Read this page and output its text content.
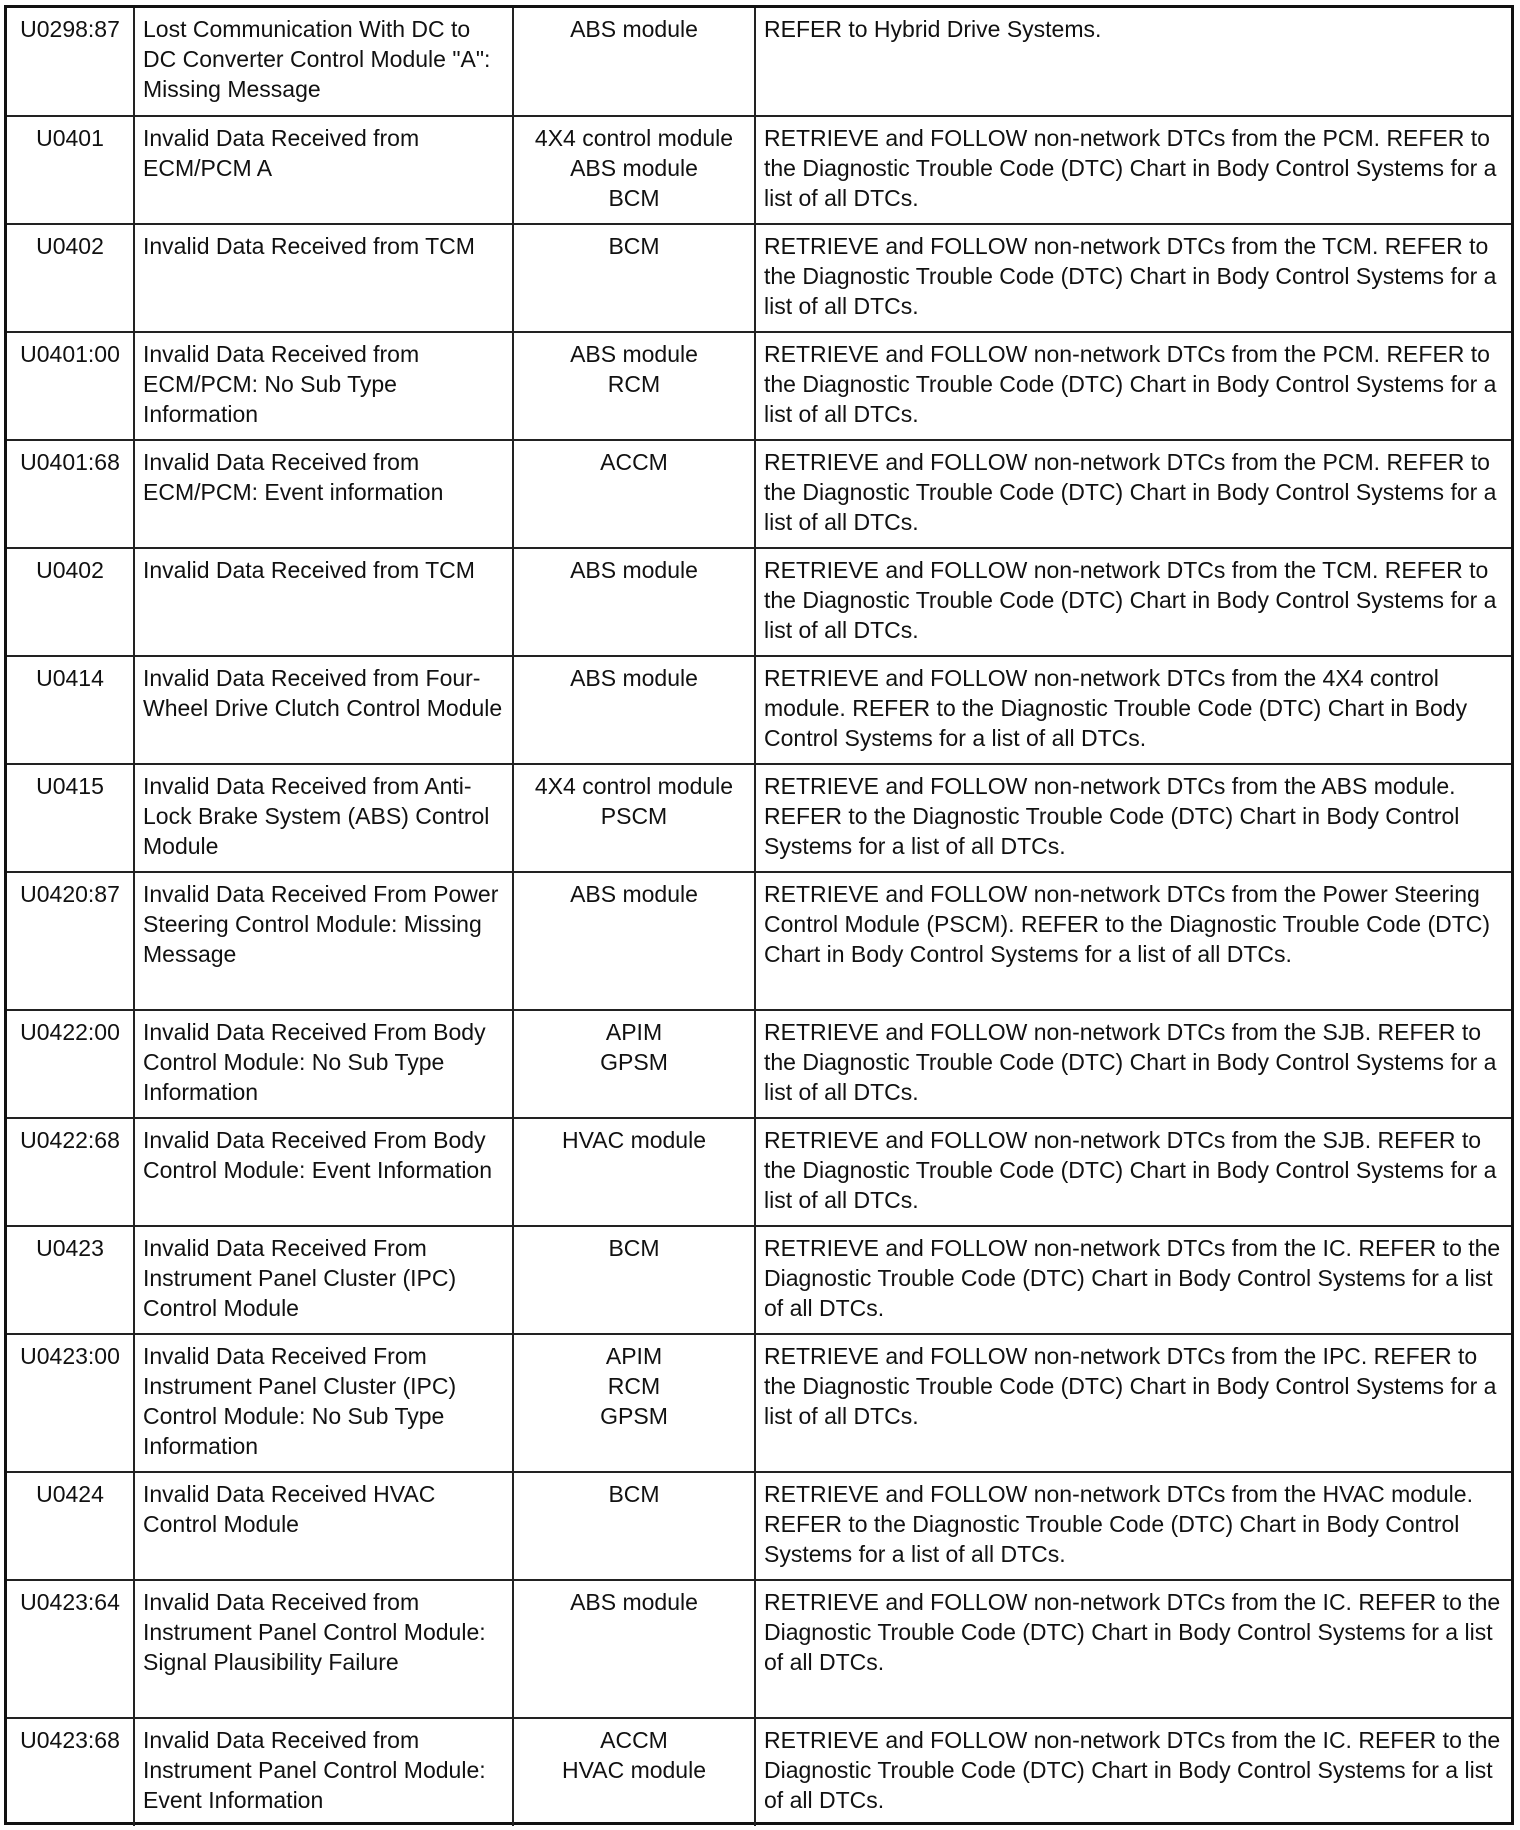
U0298:87	Lost Communication With DC to DC Converter Control Module "A": Missing Message	ABS module	REFER to Hybrid Drive Systems.
U0401	Invalid Data Received from ECM/PCM A	4X4 control module
ABS module
BCM	RETRIEVE and FOLLOW non-network DTCs from the PCM. REFER to the Diagnostic Trouble Code (DTC) Chart in Body Control Systems for a list of all DTCs.
U0402	Invalid Data Received from TCM	BCM	RETRIEVE and FOLLOW non-network DTCs from the TCM. REFER to the Diagnostic Trouble Code (DTC) Chart in Body Control Systems for a list of all DTCs.
U0401:00	Invalid Data Received from ECM/PCM: No Sub Type Information	ABS module
RCM	RETRIEVE and FOLLOW non-network DTCs from the PCM. REFER to the Diagnostic Trouble Code (DTC) Chart in Body Control Systems for a list of all DTCs.
U0401:68	Invalid Data Received from ECM/PCM: Event information	ACCM	RETRIEVE and FOLLOW non-network DTCs from the PCM. REFER to the Diagnostic Trouble Code (DTC) Chart in Body Control Systems for a list of all DTCs.
U0402	Invalid Data Received from TCM	ABS module	RETRIEVE and FOLLOW non-network DTCs from the TCM. REFER to the Diagnostic Trouble Code (DTC) Chart in Body Control Systems for a list of all DTCs.
U0414	Invalid Data Received from Four-Wheel Drive Clutch Control Module	ABS module	RETRIEVE and FOLLOW non-network DTCs from the 4X4 control module. REFER to the Diagnostic Trouble Code (DTC) Chart in Body Control Systems for a list of all DTCs.
U0415	Invalid Data Received from Anti-Lock Brake System (ABS) Control Module	4X4 control module
PSCM	RETRIEVE and FOLLOW non-network DTCs from the ABS module. REFER to the Diagnostic Trouble Code (DTC) Chart in Body Control Systems for a list of all DTCs.
U0420:87	Invalid Data Received From Power Steering Control Module: Missing Message	ABS module	RETRIEVE and FOLLOW non-network DTCs from the Power Steering Control Module (PSCM). REFER to the Diagnostic Trouble Code (DTC) Chart in Body Control Systems for a list of all DTCs.
U0422:00	Invalid Data Received From Body Control Module: No Sub Type Information	APIM
GPSM	RETRIEVE and FOLLOW non-network DTCs from the SJB. REFER to the Diagnostic Trouble Code (DTC) Chart in Body Control Systems for a list of all DTCs.
U0422:68	Invalid Data Received From Body Control Module: Event Information	HVAC module	RETRIEVE and FOLLOW non-network DTCs from the SJB. REFER to the Diagnostic Trouble Code (DTC) Chart in Body Control Systems for a list of all DTCs.
U0423	Invalid Data Received From Instrument Panel Cluster (IPC) Control Module	BCM	RETRIEVE and FOLLOW non-network DTCs from the IC. REFER to the Diagnostic Trouble Code (DTC) Chart in Body Control Systems for a list of all DTCs.
U0423:00	Invalid Data Received From Instrument Panel Cluster (IPC) Control Module: No Sub Type Information	APIM
RCM
GPSM	RETRIEVE and FOLLOW non-network DTCs from the IPC. REFER to the Diagnostic Trouble Code (DTC) Chart in Body Control Systems for a list of all DTCs.
U0424	Invalid Data Received HVAC Control Module	BCM	RETRIEVE and FOLLOW non-network DTCs from the HVAC module. REFER to the Diagnostic Trouble Code (DTC) Chart in Body Control Systems for a list of all DTCs.
U0423:64	Invalid Data Received from Instrument Panel Control Module: Signal Plausibility Failure	ABS module	RETRIEVE and FOLLOW non-network DTCs from the IC. REFER to the Diagnostic Trouble Code (DTC) Chart in Body Control Systems for a list of all DTCs.
U0423:68	Invalid Data Received from Instrument Panel Control Module: Event Information	ACCM
HVAC module	RETRIEVE and FOLLOW non-network DTCs from the IC. REFER to the Diagnostic Trouble Code (DTC) Chart in Body Control Systems for a list of all DTCs.
